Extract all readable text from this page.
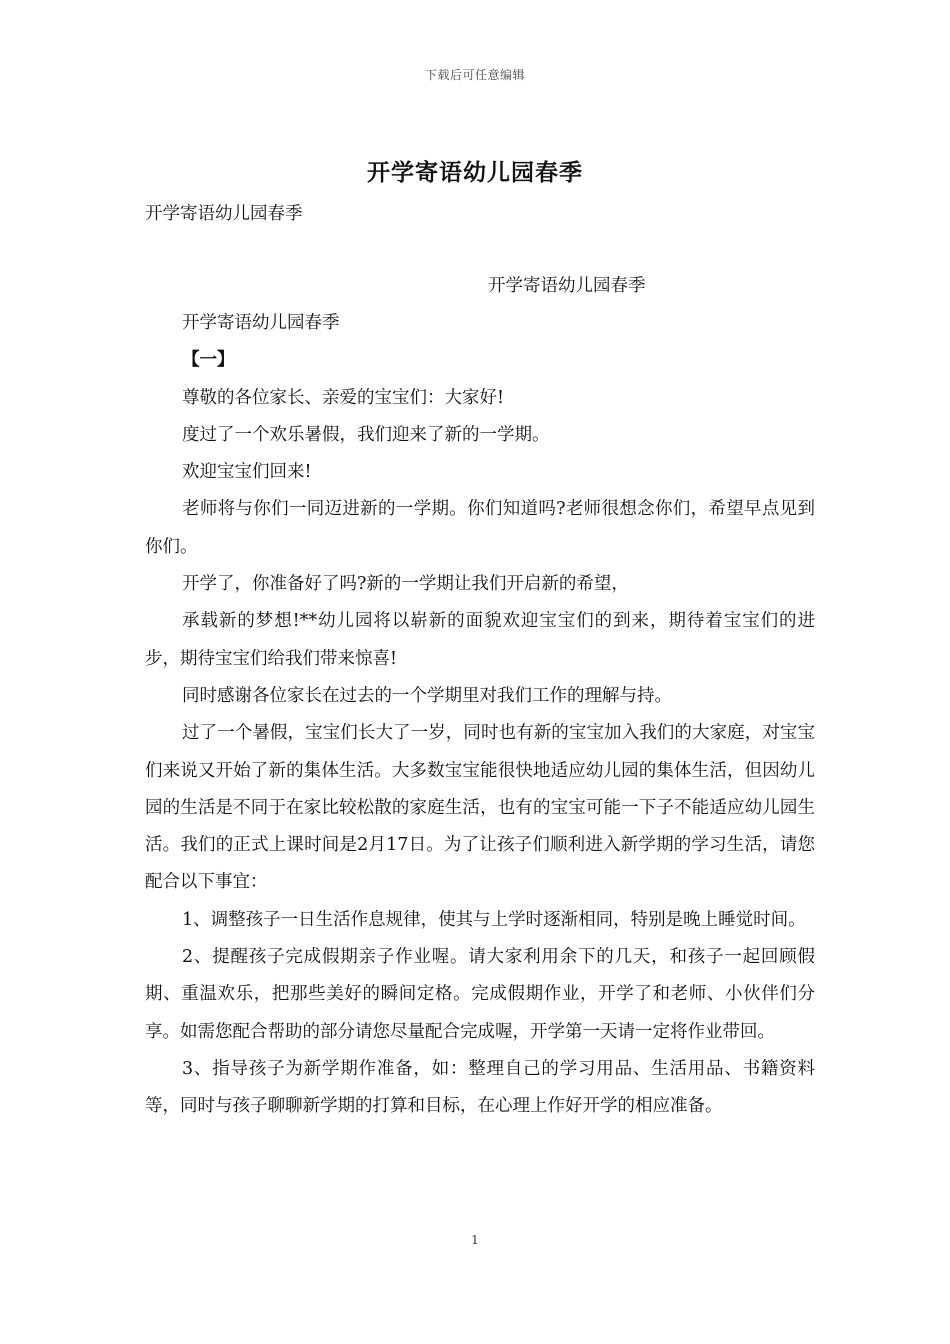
下载后可任意编辑
开学寄语幼儿园春季
开学寄语幼儿园春季
开学寄语幼儿园春季

开学寄语幼儿园春季

【一】

尊敬的各位家长、亲爱的宝宝们：大家好!

度过了一个欢乐暑假，我们迎来了新的一学期。

欢迎宝宝们回来!

老师将与你们一同迈进新的一学期。你们知道吗?老师很想念你们，希望早点见到你们。

开学了，你准备好了吗?新的一学期让我们开启新的希望，

承载新的梦想!**幼儿园将以崭新的面貌欢迎宝宝们的到来，期待着宝宝们的进步，期待宝宝们给我们带来惊喜!

同时感谢各位家长在过去的一个学期里对我们工作的理解与持。

过了一个暑假，宝宝们长大了一岁，同时也有新的宝宝加入我们的大家庭，对宝宝们来说又开始了新的集体生活。大多数宝宝能很快地适应幼儿园的集体生活，但因幼儿园的生活是不同于在家比较松散的家庭生活，也有的宝宝可能一下子不能适应幼儿园生活。我们的正式上课时间是2月17日。为了让孩子们顺利进入新学期的学习生活，请您配合以下事宜：

1、调整孩子一日生活作息规律，使其与上学时逐渐相同，特别是晚上睡觉时间。

2、提醒孩子完成假期亲子作业喔。请大家利用余下的几天，和孩子一起回顾假期、重温欢乐，把那些美好的瞬间定格。完成假期作业，开学了和老师、小伙伴们分享。如需您配合帮助的部分请您尽量配合完成喔，开学第一天请一定将作业带回。

3、指导孩子为新学期作准备，如：整理自己的学习用品、生活用品、书籍资料等，同时与孩子聊聊新学期的打算和目标，在心理上作好开学的相应准备。

1
